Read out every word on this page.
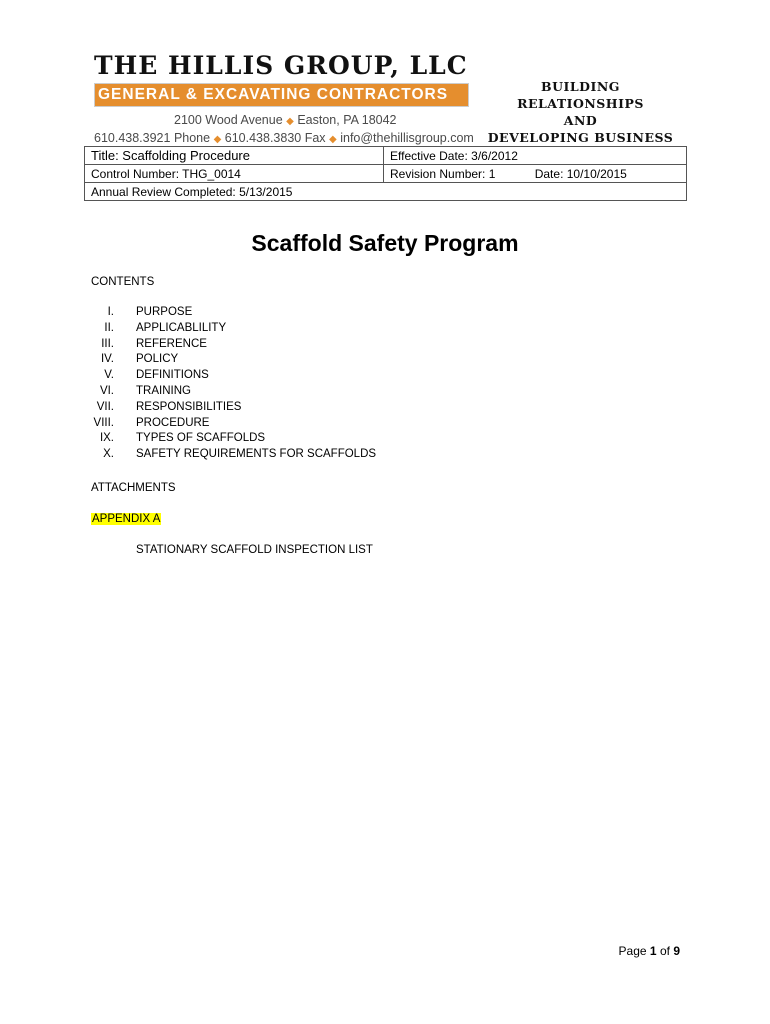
THE HILLIS GROUP, LLC
GENERAL & EXCAVATING CONTRACTORS
2100 Wood Avenue ◆ Easton, PA 18042
610.438.3921 Phone ◆ 610.438.3830 Fax ◆ info@thehillisgroup.com
BUILDING RELATIONSHIPS
AND
DEVELOPING BUSINESS
Title: Scaffolding Procedure	Effective Date: 3/6/2012
Control Number: THG_0014	Revision Number: 1 Date: 10/10/2015
Annual Review Completed: 5/13/2015	
Scaffold Safety Program
CONTENTS
I. PURPOSE
II. APPLICABLILITY
III. REFERENCE
IV. POLICY
V. DEFINITIONS
VI. TRAINING
VII. RESPONSIBILITIES
VIII. PROCEDURE
IX. TYPES OF SCAFFOLDS
X. SAFETY REQUIREMENTS FOR SCAFFOLDS
ATTACHMENTS
APPENDIX A
STATIONARY SCAFFOLD INSPECTION LIST
Page 1 of 9
